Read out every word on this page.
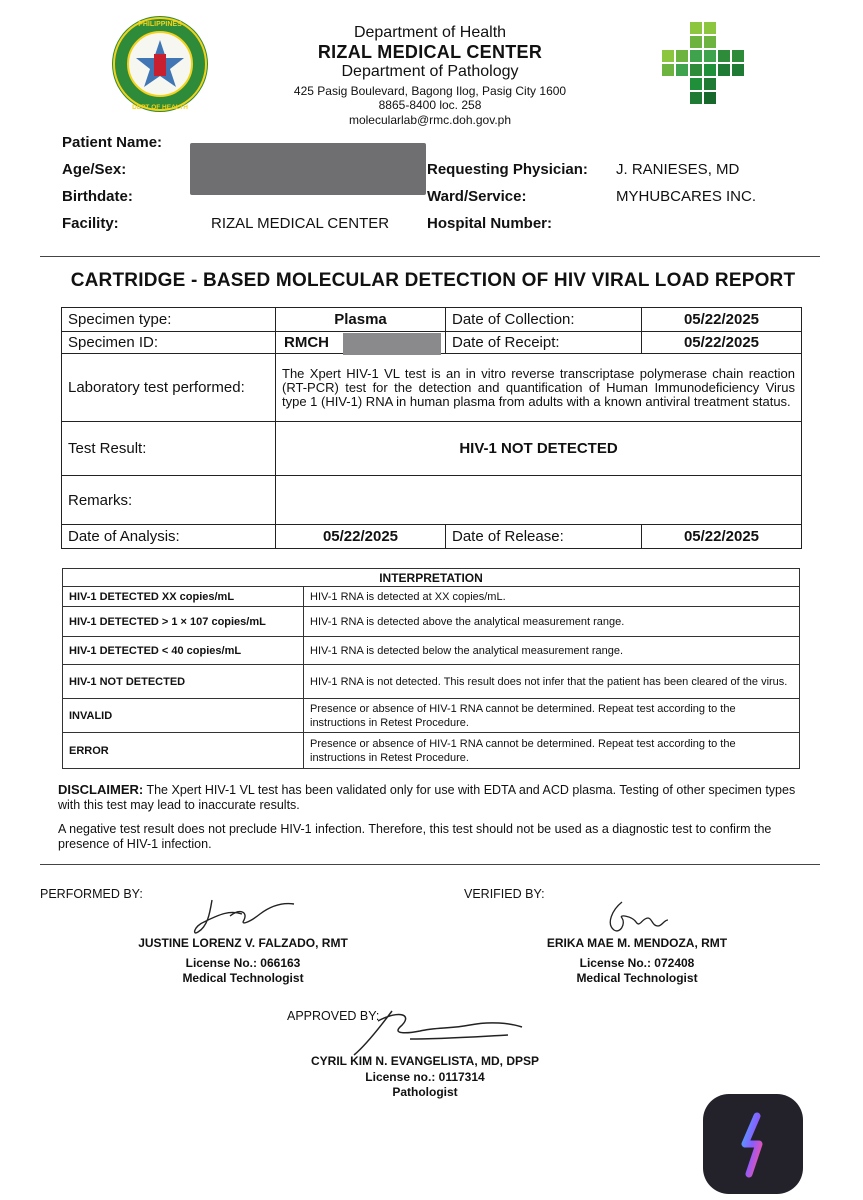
PHILIPPINES
DEPT OF HEALTH
Department of Health
RIZAL MEDICAL CENTER
Department of Pathology
425 Pasig Boulevard, Bagong Ilog, Pasig City 1600
8865-8400 loc. 258
molecularlab@rmc.doh.gov.ph
Patient Name:
Age/Sex:
Birthdate:
Facility:	RIZAL MEDICAL CENTER
Requesting Physician: J. RANIESES, MD
Ward/Service:	MYHUBCARES INC.
Hospital Number:
CARTRIDGE - BASED MOLECULAR DETECTION OF HIV VIRAL LOAD REPORT
Specimen type:	Plasma	Date of Collection:	05/22/2025
Specimen ID:	RMCH	Date of Receipt:	05/22/2025
Laboratory test performed:	The Xpert HIV-1 VL test is an in vitro reverse transcriptase polymerase chain reaction (RT-PCR) test for the detection and quantification of Human Immunodeficiency Virus type 1 (HIV-1) RNA in human plasma from adults with a known antiviral treatment status.		
Test Result:	HIV-1 NOT DETECTED		
Remarks:			
Date of Analysis:	05/22/2025	Date of Release:	05/22/2025
INTERPRETATION	
HIV-1 DETECTED XX copies/mL	HIV-1 RNA is detected at XX copies/mL.
HIV-1 DETECTED > 1 × 107 copies/mL	HIV-1 RNA is detected above the analytical measurement range.
HIV-1 DETECTED < 40 copies/mL	HIV-1 RNA is detected below the analytical measurement range.
HIV-1 NOT DETECTED	HIV-1 RNA is not detected. This result does not infer that the patient has been cleared of the virus.
INVALID	Presence or absence of HIV-1 RNA cannot be determined. Repeat test according to the instructions in Retest Procedure.
ERROR	Presence or absence of HIV-1 RNA cannot be determined. Repeat test according to the instructions in Retest Procedure.
DISCLAIMER: The Xpert HIV-1 VL test has been validated only for use with EDTA and ACD plasma. Testing of other specimen types with this test may lead to inaccurate results.
A negative test result does not preclude HIV-1 infection. Therefore, this test should not be used as a diagnostic test to confirm the presence of HIV-1 infection.
PERFORMED BY:
JUSTINE LORENZ V. FALZADO, RMT
License No.: 066163
Medical Technologist
VERIFIED BY:
ERIKA MAE M. MENDOZA, RMT
License No.: 072408
Medical Technologist
APPROVED BY:
CYRIL KIM N. EVANGELISTA, MD, DPSP
License no.: 0117314
Pathologist
